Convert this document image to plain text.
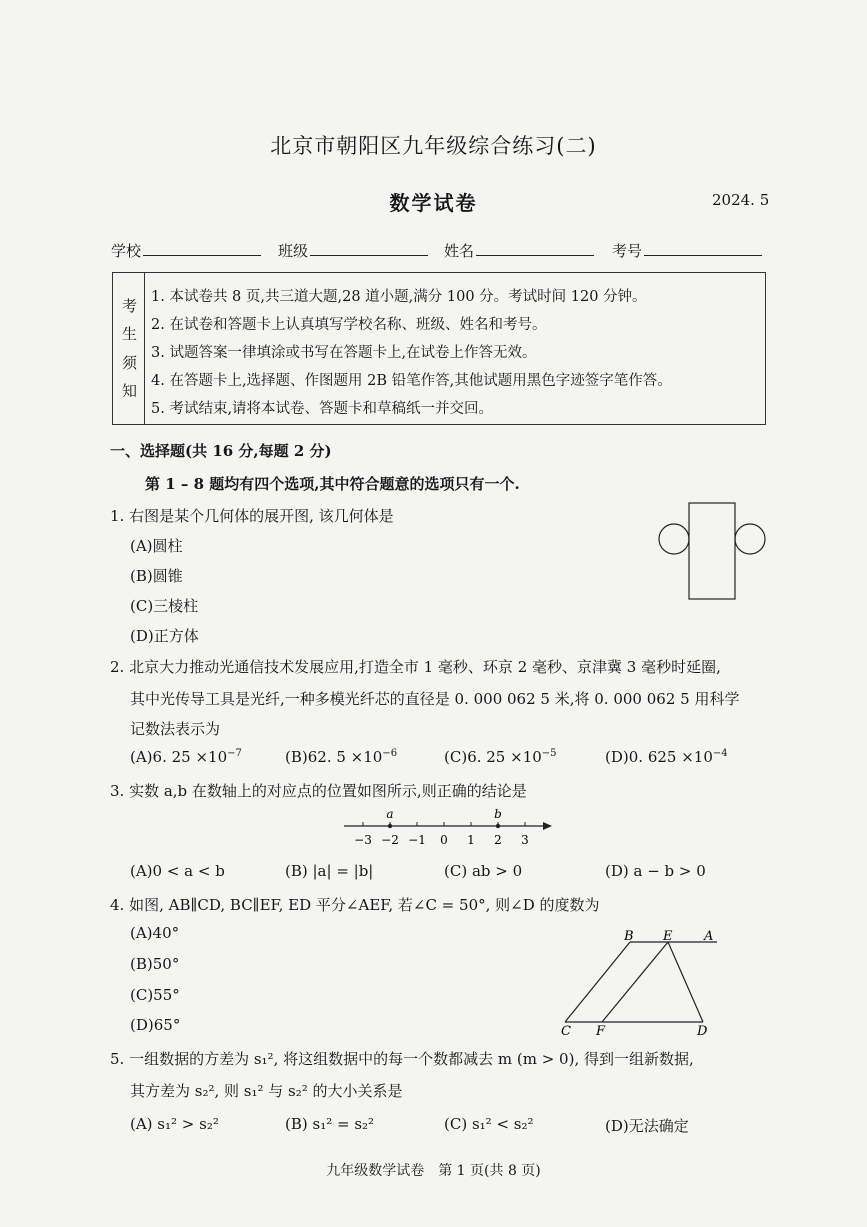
北京市朝阳区九年级综合练习(二)
数学试卷	2024. 5
学校	班级	姓名	考号
考
生
须
知
1. 本试卷共 8 页,共三道大题,28 道小题,满分 100 分。考试时间 120 分钟。
2. 在试卷和答题卡上认真填写学校名称、班级、姓名和考号。
3. 试题答案一律填涂或书写在答题卡上,在试卷上作答无效。
4. 在答题卡上,选择题、作图题用 2B 铅笔作答,其他试题用黑色字迹签字笔作答。
5. 考试结束,请将本试卷、答题卡和草稿纸一并交回。
一、选择题(共 16 分,每题 2 分)
第 1 – 8 题均有四个选项,其中符合题意的选项只有一个.
1. 右图是某个几何体的展开图, 该几何体是
(A)圆柱
(B)圆锥
(C)三棱柱
(D)正方体
2. 北京大力推动光通信技术发展应用,打造全市 1 毫秒、环京 2 毫秒、京津冀 3 毫秒时延圈,
其中光传导工具是光纤,一种多模光纤芯的直径是 0. 000 062 5 米,将 0. 000 062 5 用科学
记数法表示为
(A)6. $25 \times 10^{-7}$	(B)62. $5 \times 10^{-6}$	(C)6. $25 \times 10^{-5}$	(D)0. $625 \times 10^{-4}$
3. 实数 a,b 在数轴上的对应点的位置如图所示,则正确的结论是
−3 −2 −1 0 1 2 3
a	b
(A)0 < a < b	(B) |a| = |b|	(C) ab > 0	(D) a − b > 0
4. 如图, AB∥CD, BC∥EF, ED 平分∠AEF, 若∠C = 50°, 则∠D 的度数为
(A)40°
(B)50°
(C)55°
(D)65°
B E A
C F	D
5. 一组数据的方差为 s₁², 将这组数据中的每一个数都减去 m (m > 0), 得到一组新数据,
其方差为 s₂², 则 s₁² 与 s₂² 的大小关系是
(A) s₁² > s₂²	(B) s₁² = s₂²	(C) s₁² < s₂²	(D)无法确定
九年级数学试卷　第 1 页(共 8 页)
